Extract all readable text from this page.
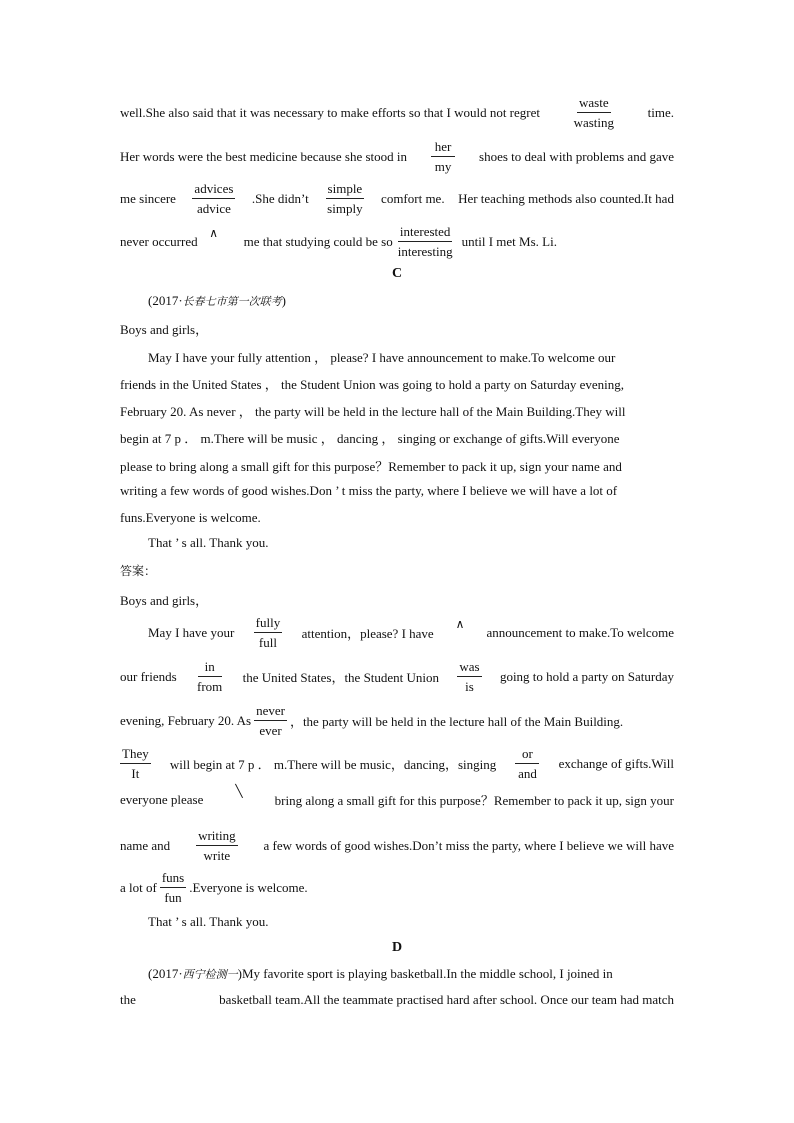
well.She also said that it was necessary to make efforts so that I would not regret $\frac{\text{waste}}{\text{wasting}}$ time.
Her words were the best medicine because she stood in $\frac{\text{her}}{my}$ shoes to deal with problems and gave
me sincere $\frac{\text{advices}}{\text{advice}} .She$ didn’t $\frac{\text{simple}}{\text{simply}}$ comfort me. Her teaching methods also counted.It had
never occurred
∧
me that studying could be so $\frac{\text{interested}}{\text{interesting}}$ until I met Ms. Li.
C
(2017· 长春七市第一次联考 )
Boys and girls，
May I have your fully attention ， please? I have announcement to make.To welcome our
friends in the United States ， the Student Union was going to hold a party on Saturday evening,
February 20. As never ， the party will be held in the lecture hall of the Main Building.They will
begin at 7 p ． m.There will be music ， dancing ， singing or exchange of gifts.Will everyone
please to bring along a small gift for this purpose？Remember to pack it up, sign your name and
writing a few words of good wishes.Don ’ t miss the party, where I believe we will have a lot of
funs.Everyone is welcome.
That ’ s all. Thank you.
答案：
Boys and girls，
May I have your $\frac{\text{fully}}{\text{full}}$ attention，please? I have
∧
announcement to make.To welcome
our friends $\frac{in}{\text{from}}$ the United States，the Student Union $\frac{\text{was}}{is}$ going to hold a party on Saturday
evening, February 20. As $\frac{\text{never}}{\text{ever}}$ ，the party will be held in the lecture hall of the Main Building.
$\frac{\text{They}}{It}$ will begin at 7 p ． m.There will be music，dancing，singing $\frac{or}{\text{and}}$ exchange of gifts.Will
everyone please
╲
bring along a small gift for this purpose？Remember to pack it up, sign your
name and $\frac{\text{writing}}{\text{write}}$ a few words of good wishes.Don’t miss the party, where I believe we will have
a lot of $\frac{\text{funs}}{\text{fun}}$ .Everyone is welcome.
That ’ s all. Thank you.
D
(2017·西宁检测一)My favorite sport is playing basketball.In the middle school, I joined in
the	basketball team.All the teammate practised hard after school. Once our team had match
